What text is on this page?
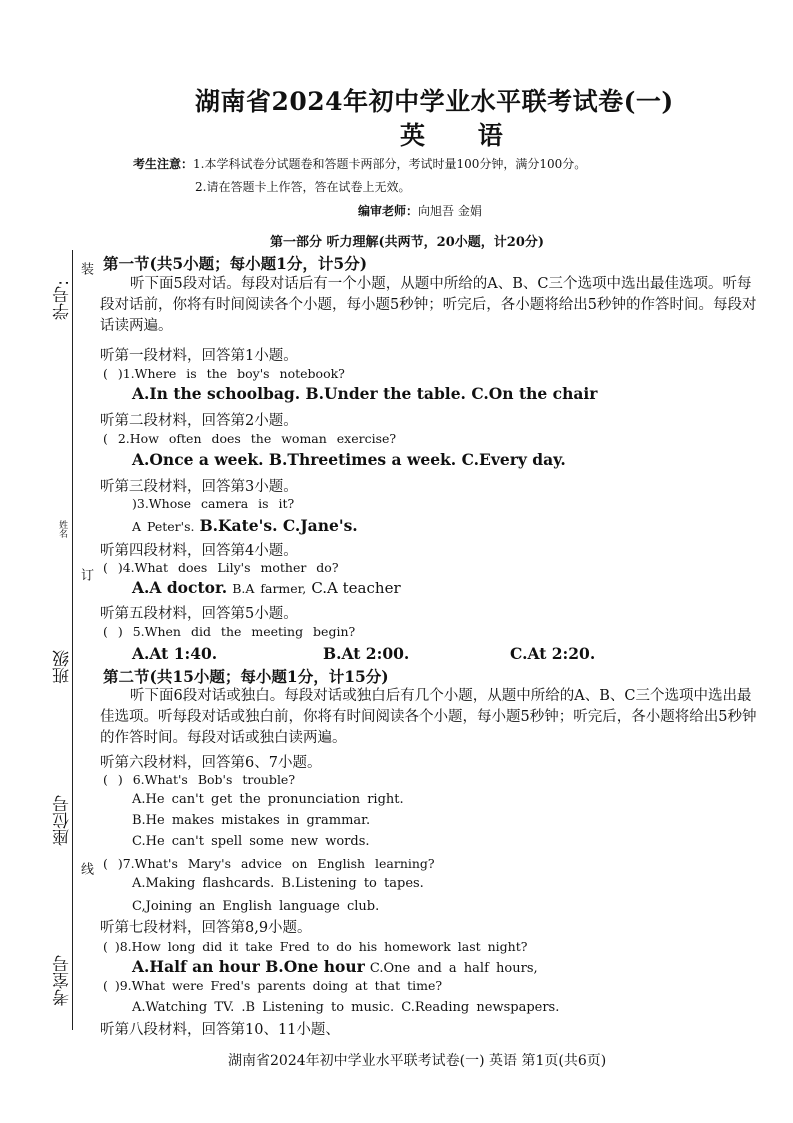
装
学号:
姓名
订
班级
座位号
线
考室号
湖南省2024年初中学业水平联考试卷(一)
英 语
考生注意：1.本学科试卷分试题卷和答题卡两部分，考试时量100分钟，满分100分。
2.请在答题卡上作答，答在试卷上无效。
编审老师：向旭吾 金娟
第一部分 听力理解(共两节，20小题，计20分)
第一节(共5小题；每小题1分，计5分)
听下面5段对话。每段对话后有一个小题，从题中所给的A、B、C三个选项中选出最佳选项。听每段对话前，你将有时间阅读各个小题，每小题5秒钟；听完后，各小题将给出5秒钟的作答时间。每段对话读两遍。
听第一段材料，回答第1小题。
( )1.Where is the boy's notebook?
A.In the schoolbag. B.Under the table. C.On the chair
听第二段材料，回答第2小题。
( 2.How often does the woman exercise?
A.Once a week. B.Threetimes a week. C.Every day.
听第三段材料，回答第3小题。
)3.Whose camera is it?
A Peter's. B.Kate's. C.Jane's.
听第四段材料，回答第4小题。
( )4.What does Lily's mother do?
A.A doctor. B.A farmer, C.A teacher
听第五段材料，回答第5小题。
( ) 5.When did the meeting begin?
A.At 1:40.	B.At 2:00.	C.At 2:20.
第二节(共15小题；每小题1分，计15分)
听下面6段对话或独白。每段对话或独白后有几个小题，从题中所给的A、B、C三个选项中选出最佳选项。听每段对话或独白前，你将有时间阅读各个小题，每小题5秒钟；听完后，各小题将给出5秒钟的作答时间。每段对话或独白读两遍。
听第六段材料，回答第6、7小题。
( ) 6.What's Bob's trouble?
A.He can't get the pronunciation right.
B.He makes mistakes in grammar.
C.He can't spell some new words.
( )7.What's Mary's advice on English learning?
A.Making flashcards. B.Listening to tapes.
C,Joining an English language club.
听第七段材料，回答第8,9小题。
( )8.How long did it take Fred to do his homework last night?
A.Half an hour B.One hour C.One and a half hours,
( )9.What were Fred's parents doing at that time?
A.Watching TV. .B Listening to music. C.Reading newspapers.
听第八段材料，回答第10、11小题、
湖南省2024年初中学业水平联考试卷(一) 英语 第1页(共6页)
